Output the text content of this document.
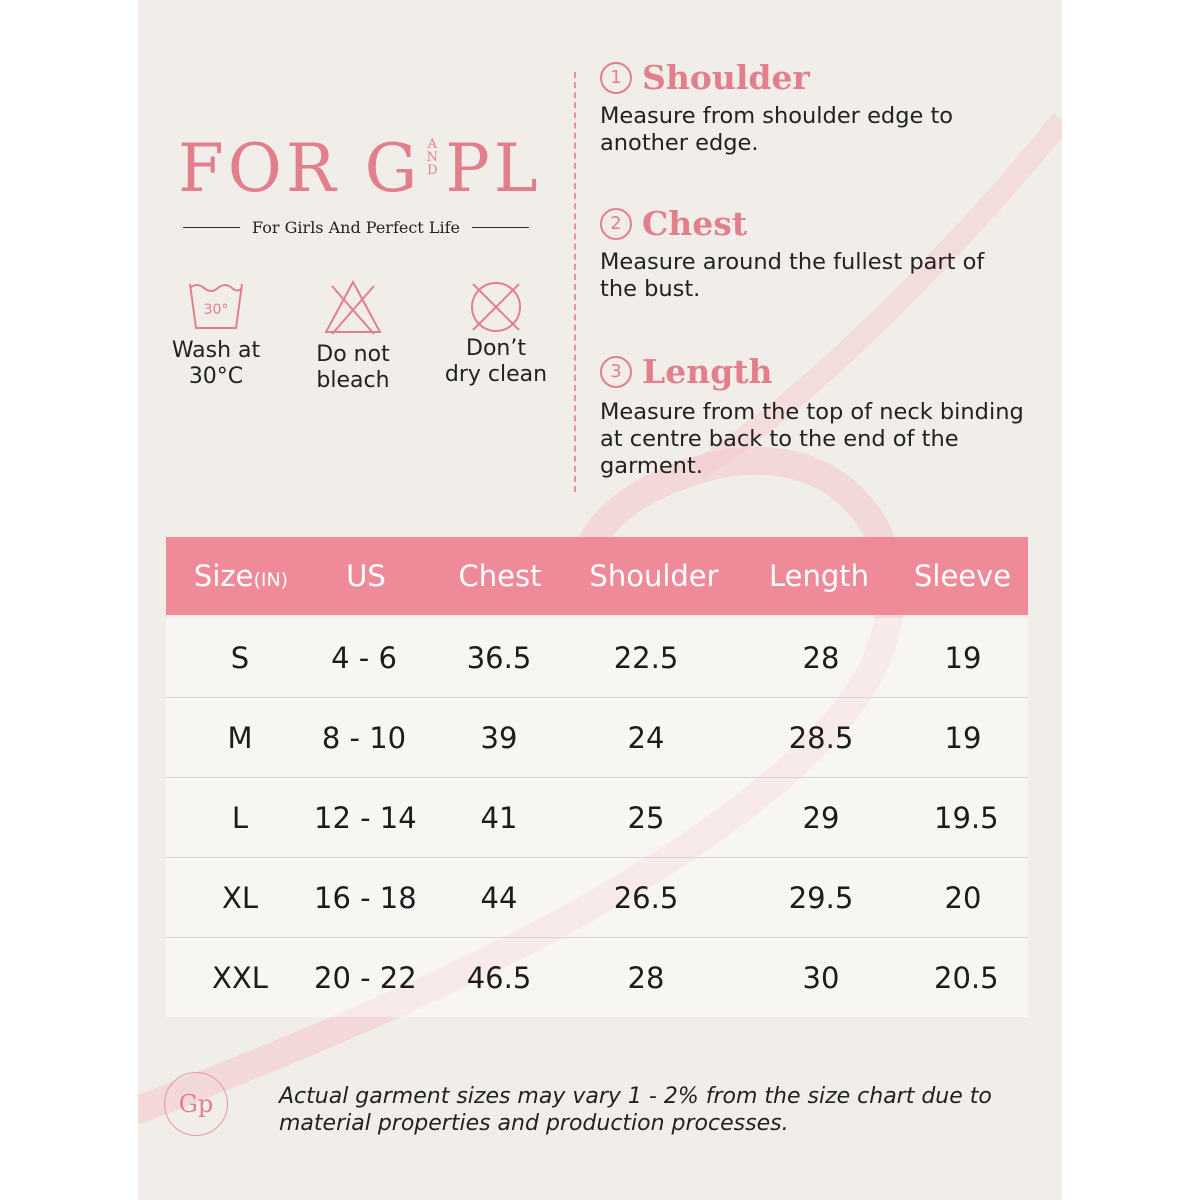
FOR G A
N
D PL
For Girls And Perfect Life
30°
Wash at
30°C
Do not
bleach
Don’t
dry clean
1 Shoulder
Measure from shoulder edge to another edge.
2 Chest
Measure around the fullest part of the bust.
3 Length
Measure from the top of neck binding at centre back to the end of the garment.
Size(IN)	US	Chest	Shoulder	Length	Sleeve
S	4 - 6	36.5	22.5	28	19
M	8 - 10	39	24	28.5	19
L	12 - 14	41	25	29	19.5
XL	16 - 18	44	26.5	29.5	20
XXL	20 - 22	46.5	28	30	20.5
Gp	Actual garment sizes may vary 1 - 2% from the size chart due to material properties and production processes.
